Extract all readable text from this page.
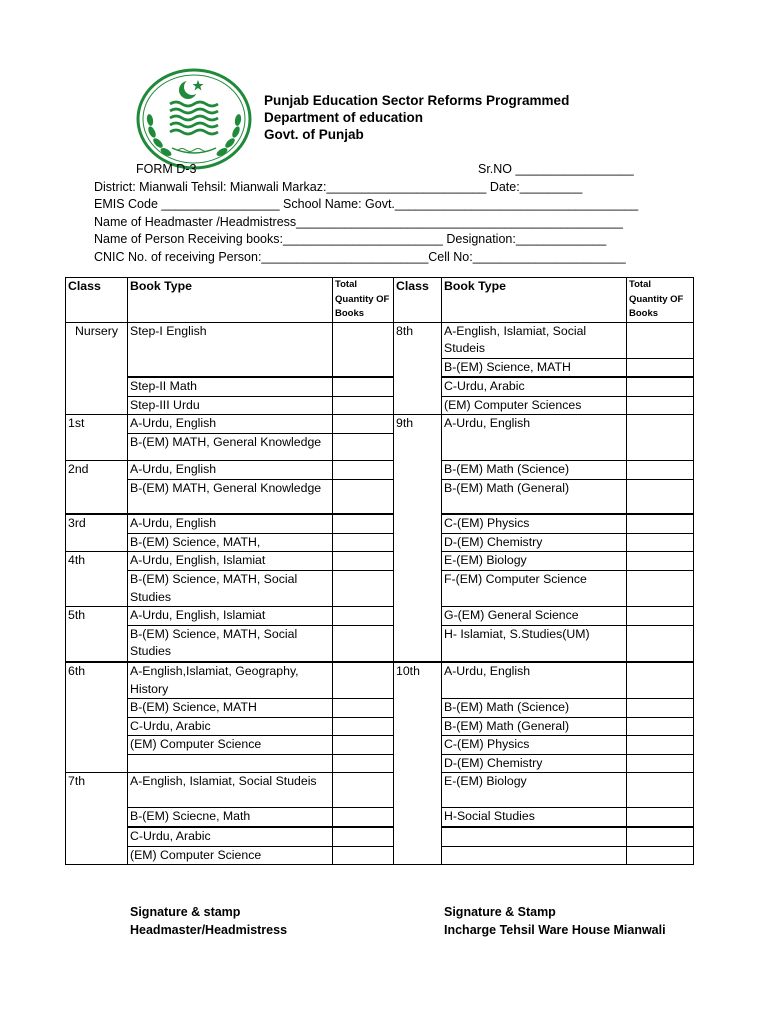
Punjab Education Sector Reforms Programmed
Department of education
Govt. of Punjab
FORM D-3	Sr.NO _________________
District: Mianwali Tehsil: Mianwali Markaz:_______________________ Date:_________
EMIS Code _________________ School Name: Govt.___________________________________
Name of Headmaster /Headmistress_______________________________________________
Name of Person Receiving books:_______________________ Designation:_____________
CNIC No. of receiving Person:________________________Cell No:______________________
Class	Book Type	Total Quantity OF Books	Class	Book Type	Total Quantity OF Books
Nursery	Step-I English		8th	A-English, Islamiat, Social Studeis	
				B-(EM) Science, MATH	
	Step-II Math			C-Urdu, Arabic	
	Step-III Urdu			(EM) Computer Sciences	

1st	A-Urdu, English		9th	A-Urdu, English	
	B-(EM) MATH, General Knowledge				
2nd	A-Urdu, English			B-(EM) Math (Science)	
	B-(EM) MATH, General Knowledge			B-(EM) Math (General)	
3rd	A-Urdu, English			C-(EM) Physics	
	B-(EM) Science, MATH,			D-(EM) Chemistry	
4th	A-Urdu, English, Islamiat			E-(EM) Biology	
	B-(EM) Science, MATH, Social Studies			F-(EM) Computer Science	
5th	A-Urdu, English, Islamiat			G-(EM) General Science	
	B-(EM) Science, MATH, Social Studies			H- Islamiat, S.Studies(UM)	
6th	A-English,Islamiat, Geography, History		10th	A-Urdu, English	
	B-(EM) Science, MATH			B-(EM) Math (Science)	
	C-Urdu, Arabic			B-(EM) Math (General)	
	(EM) Computer Science			C-(EM) Physics	
				D-(EM) Chemistry	
7th	A-English, Islamiat, Social Studeis			E-(EM) Biology	
	B-(EM) Sciecne, Math			H-Social Studies	
	C-Urdu, Arabic				
	(EM) Computer Science				
Signature & stamp
Headmaster/Headmistress
Signature & Stamp
Incharge Tehsil Ware House Mianwali
